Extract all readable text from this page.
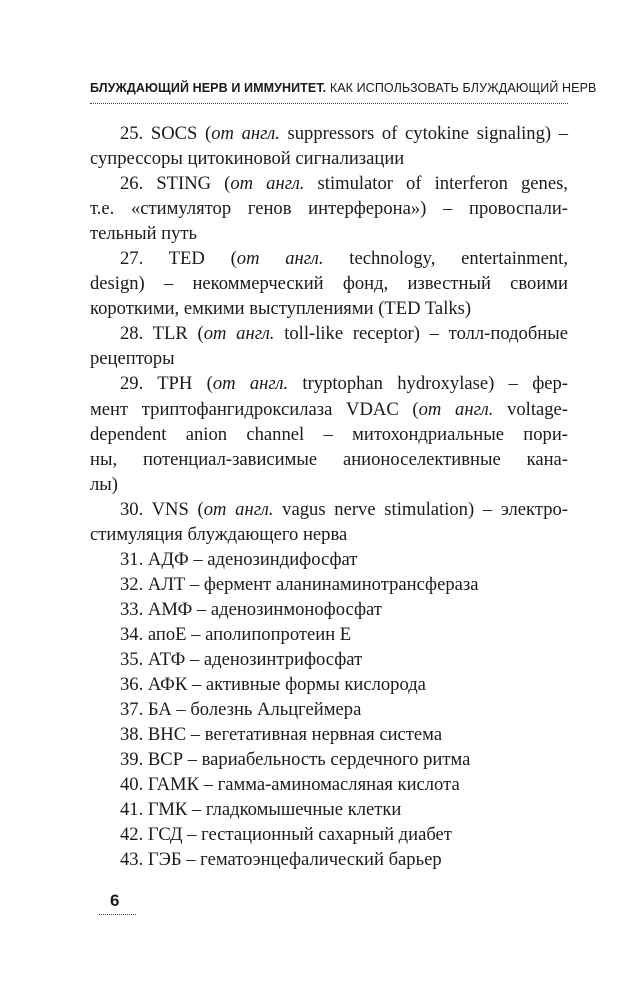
БЛУЖДАЮЩИЙ НЕРВ И ИММУНИТЕТ. КАК ИСПОЛЬЗОВАТЬ БЛУЖДАЮЩИЙ НЕРВ
25. SOCS (от англ. suppressors of cytokine signaling) –
супрессоры цитокиновой сигнализации
26. STING (от англ. stimulator of interferon genes,
т.е. «стимулятор генов интерферона») – провоспали-
тельный путь
27. TED (от англ. technology, entertainment,
design) – некоммерческий фонд, известный своими
короткими, емкими выступлениями (TED Talks)
28. TLR (от англ. toll-like receptor) – толл-подобные
рецепторы
29. TPH (от англ. tryptophan hydroxylase) – фер-
мент триптофангидроксилаза VDAC (от англ. voltage-
dependent anion channel – митохондриальные пори-
ны, потенциал-зависимые анионоселективные кана-
лы)
30. VNS (от англ. vagus nerve stimulation) – электро-
стимуляция блуждающего нерва
31. АДФ – аденозиндифосфат
32. АЛТ – фермент аланинаминотрансфераза
33. АМФ – аденозинмонофосфат
34. апоЕ – аполипопротеин Е
35. АТФ – аденозинтрифосфат
36. АФК – активные формы кислорода
37. БА – болезнь Альцгеймера
38. ВНС – вегетативная нервная система
39. ВСР – вариабельность сердечного ритма
40. ГАМК – гамма-аминомасляная кислота
41. ГМК – гладкомышечные клетки
42. ГСД – гестационный сахарный диабет
43. ГЭБ – гематоэнцефалический барьер
6
